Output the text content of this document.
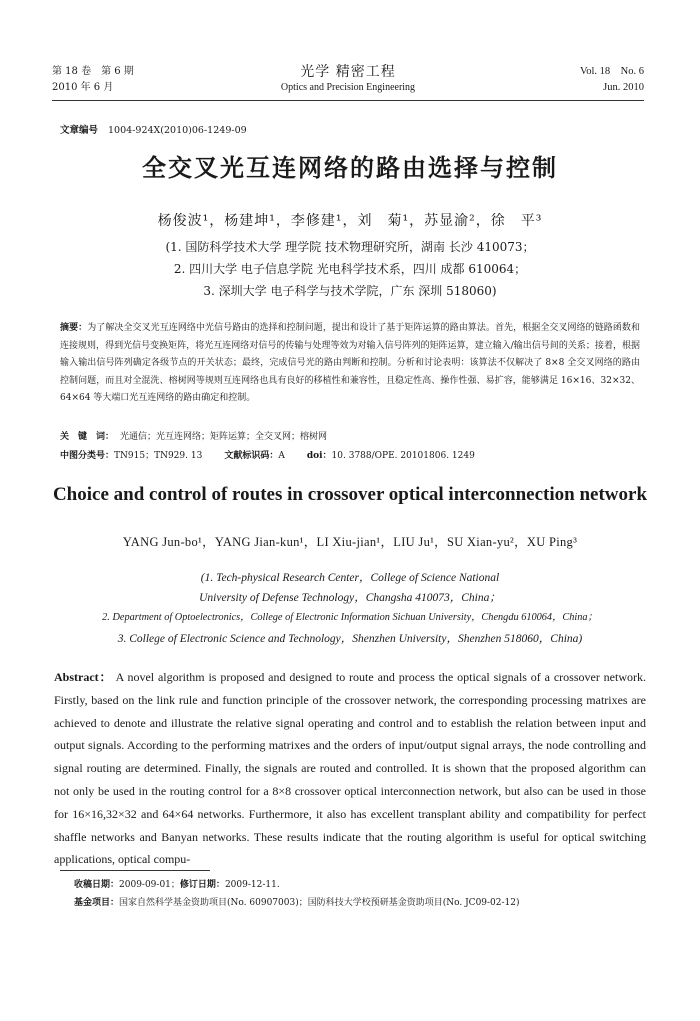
第 18 卷　第 6 期
2010 年 6 月
光学 精密工程
Optics and Precision Engineering
Vol. 18　No. 6
Jun. 2010
文章编号 1004-924X(2010)06-1249-09
全交叉光互连网络的路由选择与控制
杨俊波¹，杨建坤¹，李修建¹，刘　菊¹，苏显渝²，徐　平³
(1. 国防科学技术大学 理学院 技术物理研究所，湖南 长沙 410073；
2. 四川大学 电子信息学院 光电科学技术系，四川 成都 610064；
3. 深圳大学 电子科学与技术学院，广东 深圳 518060)
摘要：为了解决全交叉光互连网络中光信号路由的选择和控制问题，提出和设计了基于矩阵运算的路由算法。首先，根据全交叉网络的链路函数和连接规则，得到光信号变换矩阵，将光互连网络对信号的传输与处理等效为对输入信号阵列的矩阵运算，建立输入/输出信号间的关系；接着，根据输入输出信号阵列确定各级节点的开关状态；最终，完成信号光的路由判断和控制。分析和讨论表明：该算法不仅解决了 8×8 全交叉网络的路由控制问题，而且对全混洗、榕树网等规则互连网络也具有良好的移植性和兼容性，且稳定性高、操作性强、易扩容，能够满足 16×16、32×32、64×64 等大端口光互连网络的路由确定和控制。
关　键　词： 光通信；光互连网络；矩阵运算；全交叉网；榕树网
中图分类号：TN915；TN929. 13 文献标识码：A doi：10. 3788/OPE. 20101806. 1249
Choice and control of routes in crossover optical interconnection network
YANG Jun-bo¹，YANG Jian-kun¹，LI Xiu-jian¹，LIU Ju¹，SU Xian-yu²，XU Ping³
(1. Tech-physical Research Center，College of Science National
University of Defense Technology，Changsha 410073，China；
2. Department of Optoelectronics，College of Electronic Information Sichuan University，Chengdu 610064，China；
3. College of Electronic Science and Technology，Shenzhen University，Shenzhen 518060，China)
Abstract： A novel algorithm is proposed and designed to route and process the optical signals of a crossover network. Firstly, based on the link rule and function principle of the crossover network, the corresponding processing matrixes are achieved to denote and illustrate the relative signal operating and control and to establish the relation between input and output signals. According to the performing matrixes and the orders of input/output signal arrays, the node controlling and signal routing are determined. Finally, the signals are routed and controlled. It is shown that the proposed algorithm can not only be used in the routing control for a 8×8 crossover optical interconnection network, but also can be used in those for 16×16,32×32 and 64×64 networks. Furthermore, it also has excellent transplant ability and compatibility for perfect shaffle networks and Banyan networks. These results indicate that the routing algorithm is useful for optical switching applications, optical compu-
收稿日期：2009-09-01；修订日期：2009-12-11.
基金项目：国家自然科学基金资助项目(No. 60907003)；国防科技大学校预研基金资助项目(No. JC09-02-12)
